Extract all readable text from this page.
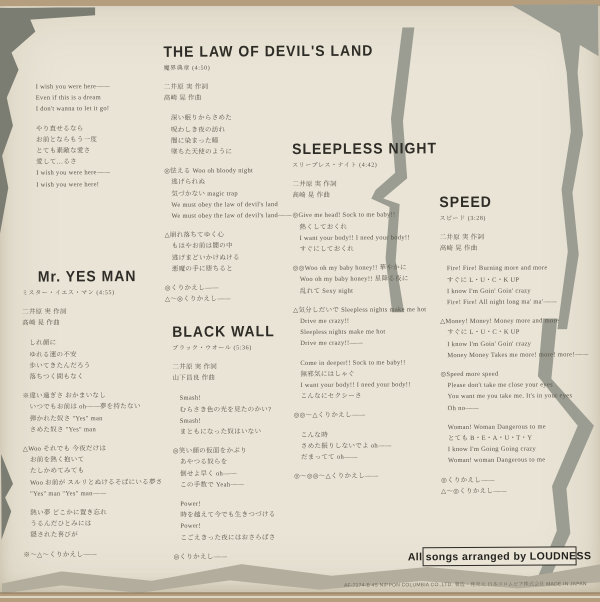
I wish you were here——
Even if this is a dream
I don't wanna to let it go!
やり直せるなら
お前とならもう一度
とても素敵な愛さ
愛して…るさ
I wish you were here——
I wish you were here!
THE LAW OF DEVIL'S LAND
魔界典章 (4:50)
二井原 実 作詞
高崎 晃 作曲
深い眠りからさめた
呪わしき夜の訪れ
闇に染まった瞳
墜ちた天使のように
◎怯える Woo oh bloody night
逃げられぬ
気づかない magic trap
We must obey the law of devil's land
We must obey the law of devil's land——
△崩れ落ちてゆく心
もはやお前は闇の中
逃げまどいかけぬける
悪魔の手に堕ちると
◎くりかえし——
△〜◎くりかえし——
Mr. YES MAN
ミスター・イエス・マン (4:55)
二井原 実 作詞
高崎 晃 作曲
しれ顔に
ゆれる運の不安
歩いてきたんだろう
落ちつく間もなく
※違い過ぎさ おかまいなし
いつでもお前は oh——夢を持たない
弾かれた奴さ "Yes" man
さめた奴さ "Yes" man
△Woo それでも 今夜だけは
お前を熱く抱いて
たしかめてみても
Woo お前が スルリとぬけるそばにいる夢さ
"Yes" man "Yes" man——
熱い夢 どこかに置き忘れ
うるんだひとみには
隠された喜びが
※〜△〜くりかえし——
BLACK WALL
ブラック・ウオール (5:36)
二井原 実 作詞
山下昌良 作曲
Smash!
むらさき色の光を見たのかい?
Smash!
まともになった奴はいない
◎笑い顔の仮面をかぶり
あやつる奴らを
倒せよ早く oh——
この手数で Yeah——
Power!
時を越えて今でも生きつづける
Power!
こごえきった夜にはおさらばさ
◎くりかえし——
SLEEPLESS NIGHT
スリープレス・ナイト (4:42)
二井原 実 作詞
高崎 晃 作曲
◎Give me head! Sock to me baby!!
熱くしておくれ
I want your body!! I need your body!!
すぐにしておくれ
◎◎Woo oh my baby honey!! 華やかに
Woo oh my baby honey!! 星降る夜に
乱れて Sexy night
△気分しだいで Sleepless nights make me hot
Drive me crazy!!
Sleepless nights make me hot
Drive me crazy!!——
Come in deeper!! Sock to me baby!!
無邪気にはしゃぐ
I want your body!! I need your body!!
こんなにセクシーさ
◎◎〜△くりかえし——
こんな時
さめた振りしないでよ oh——
だまってて oh——
◎〜◎◎〜△くりかえし——
SPEED
スピード (3:28)
二井原 実 作詞
高崎 晃 作曲
Fire! Fire! Burning more and more
すぐに L・U・C・K UP
I know I'm Goin' Goin' crazy
Fire! Fire! All night long ma' ma'——
△Money! Money! Money more and more
すぐに L・U・C・K UP
I know I'm Goin' Goin' crazy
Money Money Takes me more! more! more!——
◎Speed more speed
Please don't take me close your eyes
You want me you take me. It's in your eyes
Oh no——
Woman! Woman Dangerous to me
とても B・E・A・U・T・Y
I know I'm Going Going crazy
Woman! woman Dangerous to me
◎くりかえし——
△〜◎くりかえし——
All songs arranged by LOUDNESS
AF-7174-B 4S NIPPON COLUMBIA CO.,LTD. 製造・発売元 日本コロムビア株式会社 MADE IN JAPAN
